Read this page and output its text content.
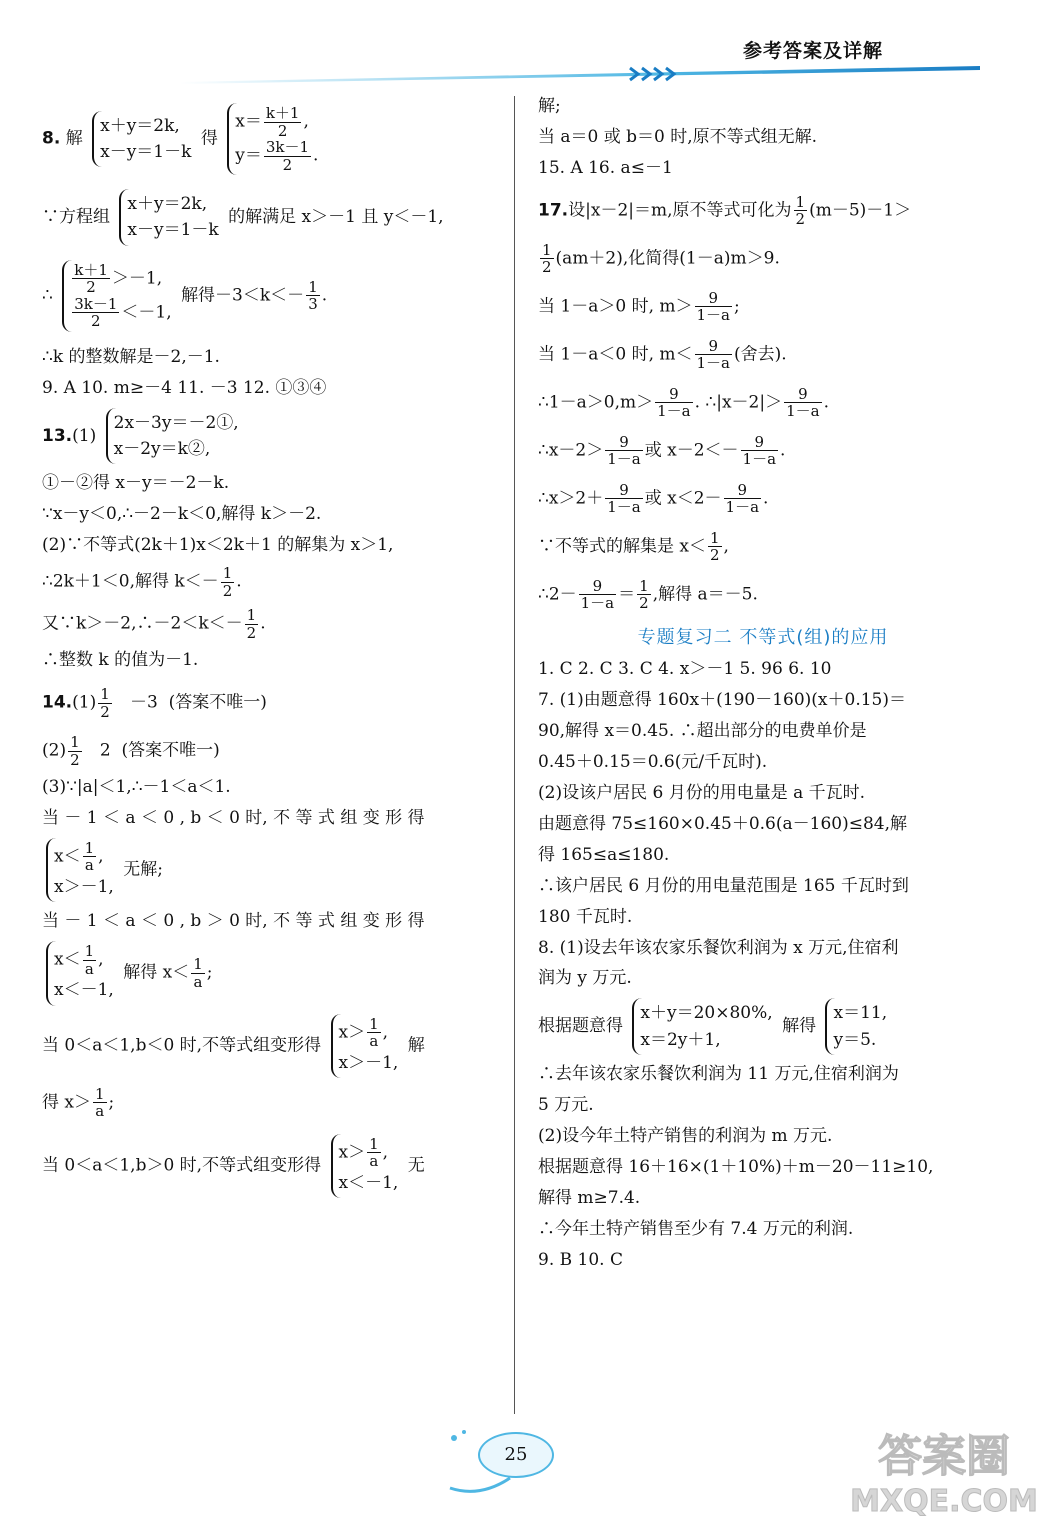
参考答案及详解
8. 解
x＋y＝2k,
x－y＝1－k
得
$x= \frac{k+1}{2}$ ,
$y= \frac{3k-1}{2}$ .
∵方程组
x＋y＝2k,
x－y＝1－k
的解满足 x＞－1 且 y＜－1,
∴ $\frac{k+1}{2} >-1$,
$\frac{3k-1}{2} <-1$,
解得$-3<k<- \frac{1}{3}$ .
∴k 的整数解是－2,－1.
9. A 10. m≥－4 11. －3 12. ①③④
13.(1)
2x－3y＝－2①,
x－2y＝k②,
①－②得 x－y＝－2－k.
∵x－y＜0,∴－2－k＜0,解得 k＞－2.
(2)∵不等式(2k＋1)x＜2k＋1 的解集为 x＞1,
∴2k＋1＜0,解得 $k<- \frac{1}{2}$ .
又∵k＞－2,∴－2＜k＜－ $\frac{1}{2}$ .
∴整数 k 的值为－1.
$14.(1) \frac{1}{2} -3$  (答案不唯一)
$(2) \frac{1}{2} 2$  (答案不唯一)
(3)∵|a|＜1,∴－1＜a＜1.
当 － 1 ＜ a ＜ 0 , b ＜ 0 时, 不 等 式 组 变 形 得
$x< \frac{1}{a}$ ,
x＞－1,
无解;
当 － 1 ＜ a ＜ 0 , b ＞ 0 时, 不 等 式 组 变 形 得
$x< \frac{1}{a}$ ,
x＜－1,
解得 $x< \frac{1}{a}$ ;
当 0＜a＜1,b＜0 时,不等式组变形得
$x> \frac{1}{a}$ ,
x＞－1,
解
得 $x> \frac{1}{a}$ ;
当 0＜a＜1,b＞0 时,不等式组变形得
$x> \frac{1}{a}$ ,
x＜－1,
无
解;
当 a＝0 或 b＝0 时,原不等式组无解.
15. A 16. a≤－1
17.设|x－2|＝m,原不等式可化为 $\frac{1}{2} (m-5)-1>$
$\frac{1}{2} (am+2)$,化简得(1－a)m＞9.
当 1－a＞0 时, $m> \frac{9}{1-a}$ ;
当 1－a＜0 时, $m< \frac{9}{1-a}$ (舍去).
∴1－a＞0,m＞ $\frac{9}{1-a}$ . ∴|x－2|＞ $\frac{9}{1-a}$ .
∴x－2＞ $\frac{9}{1-a}$ 或 $x-2<- \frac{9}{1-a}$ .
∴x＞2＋ $\frac{9}{1-a}$ 或 $x<2- \frac{9}{1-a}$ .
∵不等式的解集是 $x< \frac{1}{2}$ ,
∴2－ $\frac{9}{1-a} = \frac{1}{2}$ ,解得 a＝－5.
专题复习二 不等式(组)的应用
1. C 2. C 3. C 4. x＞－1 5. 96 6. 10
7. (1)由题意得 160x＋(190－160)(x＋0.15)＝
90,解得 x＝0.45. ∴超出部分的电费单价是
0.45＋0.15＝0.6(元/千瓦时).
(2)设该户居民 6 月份的用电量是 a 千瓦时.
由题意得 75≤160×0.45＋0.6(a－160)≤84,解
得 165≤a≤180.
∴该户居民 6 月份的用电量范围是 165 千瓦时到
180 千瓦时.
8. (1)设去年该农家乐餐饮利润为 x 万元,住宿利
润为 y 万元.
根据题意得
x＋y＝20×80%,
x＝2y＋1,
解得
x＝11,
y＝5.
∴去年该农家乐餐饮利润为 11 万元,住宿利润为
5 万元.
(2)设今年土特产销售的利润为 m 万元.
根据题意得 16＋16×(1＋10%)＋m－20－11≥10,
解得 m≥7.4.
∴今年土特产销售至少有 7.4 万元的利润.
9. B 10. C
25	答案圈
MXQE.COM
